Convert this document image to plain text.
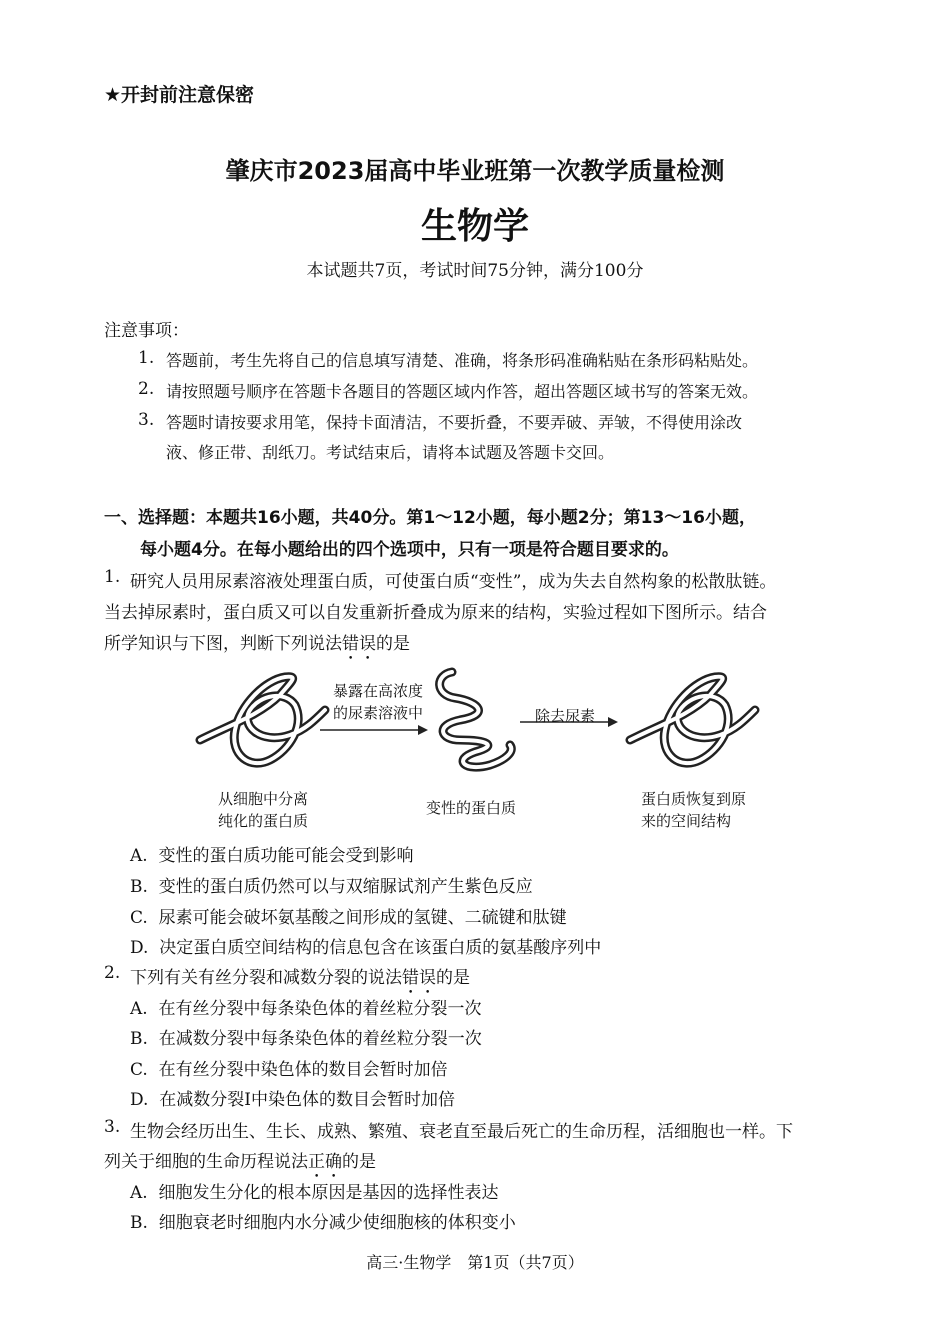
★开封前注意保密
肇庆市2023届高中毕业班第一次教学质量检测
生物学
本试题共7页，考试时间75分钟，满分100分
注意事项：
1. 答题前，考生先将自己的信息填写清楚、准确，将条形码准确粘贴在条形码粘贴处。
2. 请按照题号顺序在答题卡各题目的答题区域内作答，超出答题区域书写的答案无效。
3. 答题时请按要求用笔，保持卡面清洁，不要折叠，不要弄破、弄皱，不得使用涂改
液、修正带、刮纸刀。考试结束后，请将本试题及答题卡交回。
一、选择题：本题共16小题，共40分。第1～12小题，每小题2分；第13～16小题，
每小题4分。在每小题给出的四个选项中，只有一项是符合题目要求的。
1. 研究人员用尿素溶液处理蛋白质，可使蛋白质“变性”，成为失去自然构象的松散肽链。
当去掉尿素时，蛋白质又可以自发重新折叠成为原来的结构，实验过程如下图所示。结合
所学知识与下图，判断下列说法错误的是
暴露在高浓度
的尿素溶液中	除去尿素
从细胞中分离
纯化的蛋白质
变性的蛋白质	蛋白质恢复到原
来的空间结构
A. 变性的蛋白质功能可能会受到影响
B. 变性的蛋白质仍然可以与双缩脲试剂产生紫色反应
C. 尿素可能会破坏氨基酸之间形成的氢键、二硫键和肽键
D. 决定蛋白质空间结构的信息包含在该蛋白质的氨基酸序列中
2. 下列有关有丝分裂和减数分裂的说法错误的是
A. 在有丝分裂中每条染色体的着丝粒分裂一次
B. 在减数分裂中每条染色体的着丝粒分裂一次
C. 在有丝分裂中染色体的数目会暂时加倍
D. 在减数分裂Ⅰ中染色体的数目会暂时加倍
3. 生物会经历出生、生长、成熟、繁殖、衰老直至最后死亡的生命历程，活细胞也一样。下
列关于细胞的生命历程说法正确的是
A. 细胞发生分化的根本原因是基因的选择性表达
B. 细胞衰老时细胞内水分减少使细胞核的体积变小
高三·生物学　第1页（共7页）
